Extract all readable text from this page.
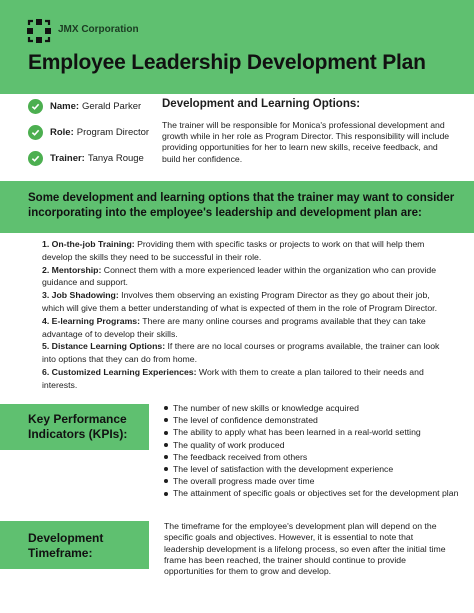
JMX Corporation
Employee Leadership Development Plan
Name: Gerald Parker
Role: Program Director
Trainer: Tanya Rouge
Development and Learning Options:
The trainer will be responsible for Monica's professional development and growth while in her role as Program Director. This responsibility will include providing opportunities for her to learn new skills, receive feedback, and build her confidence.
Some development and learning options that the trainer may want to consider incorporating into the employee's leadership and development plan are:
1. On-the-job Training: Providing them with specific tasks or projects to work on that will help them develop the skills they need to be successful in their role.
2. Mentorship: Connect them with a more experienced leader within the organization who can provide guidance and support.
3. Job Shadowing: Involves them observing an existing Program Director as they go about their job, which will give them a better understanding of what is expected of them in the role of Program Director.
4. E-learning Programs: There are many online courses and programs available that they can take advantage of to develop their skills.
5. Distance Learning Options: If there are no local courses or programs available, the trainer can look into options that they can do from home.
6. Customized Learning Experiences: Work with them to create a plan tailored to their needs and interests.
Key Performance
Indicators (KPIs):
The number of new skills or knowledge acquired
The level of confidence demonstrated
The ability to apply what has been learned in a real-world setting
The quality of work produced
The feedback received from others
The level of satisfaction with the development experience
The overall progress made over time
The attainment of specific goals or objectives set for the development plan
Development
Timeframe:
The timeframe for the employee's development plan will depend on the specific goals and objectives. However, it is essential to note that leadership development is a lifelong process, so even after the initial time frame has been reached, the trainer should continue to provide opportunities for them to grow and develop.
